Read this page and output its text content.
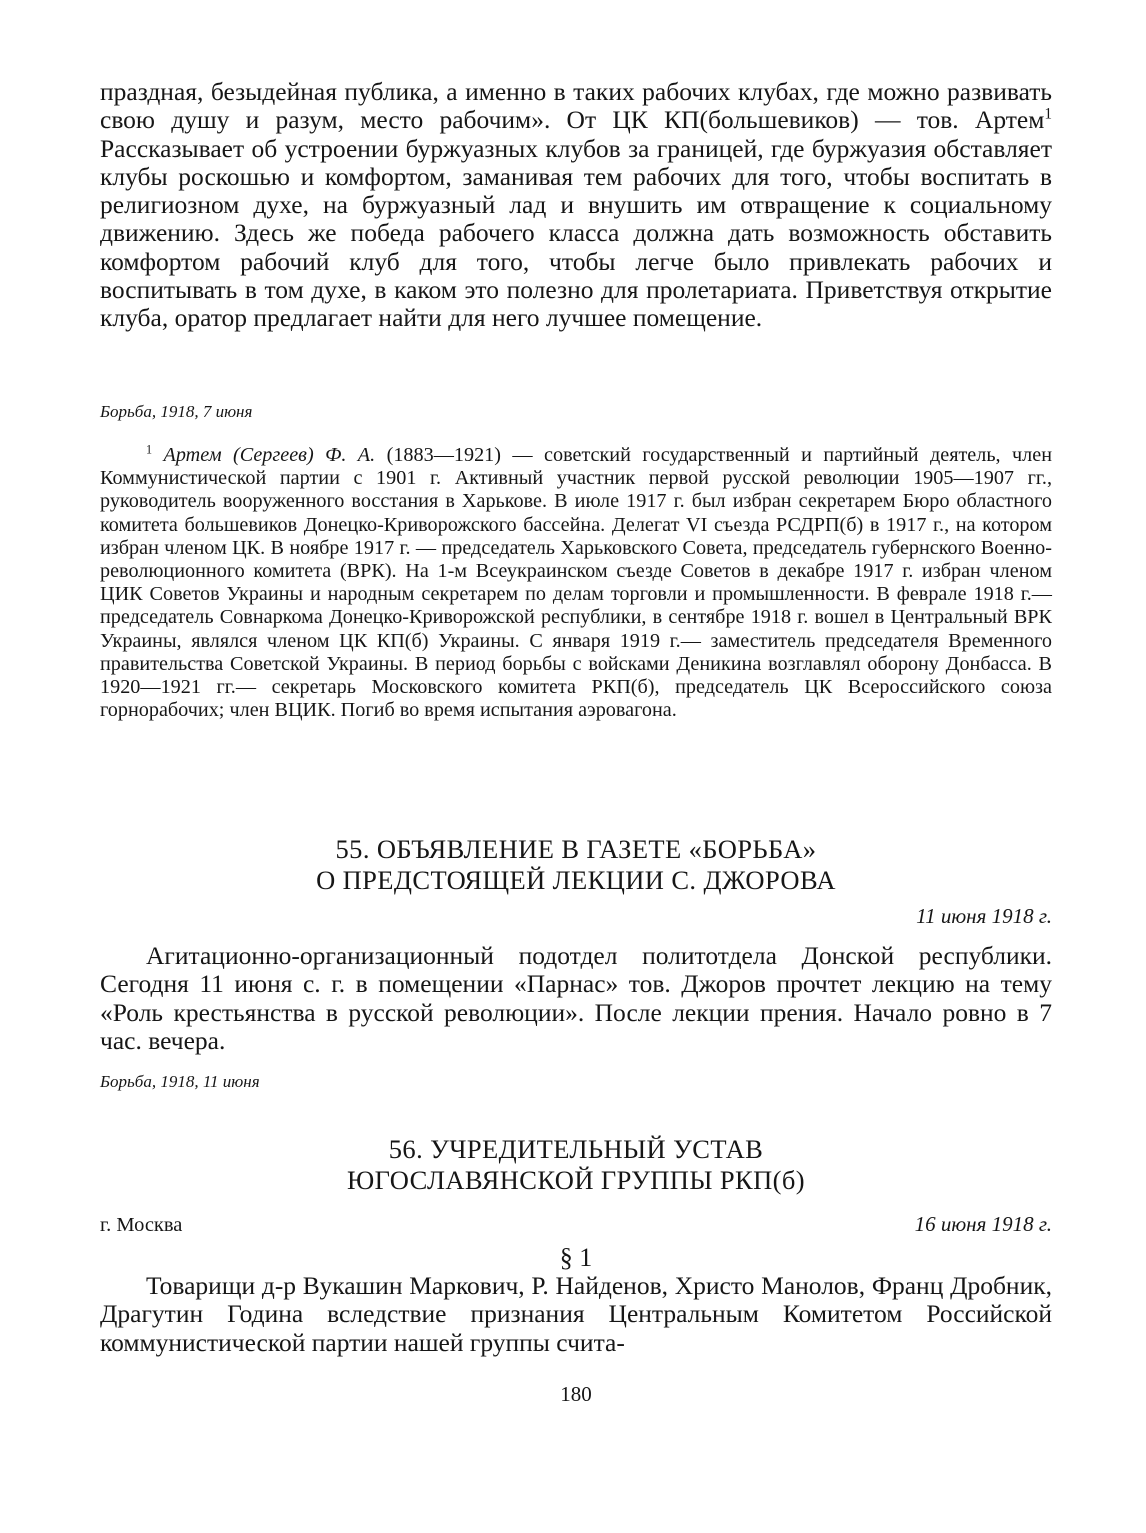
праздная, безыдейная публика, а именно в таких рабочих клубах, где можно развивать свою душу и разум, место рабочим». От ЦК КП(большевиков) — тов. Артем$^1$ Рассказывает об устроении буржуазных клубов за границей, где буржуазия обставляет клубы роскошью и комфортом, заманивая тем рабочих для того, чтобы воспитать в религиозном духе, на буржуазный лад и внушить им отвращение к социальному движению. Здесь же победа рабочего класса должна дать возможность обставить комфортом рабочий клуб для того, чтобы легче было привлекать рабочих и воспитывать в том духе, в каком это полезно для пролетариата. Приветствуя открытие клуба, оратор предлагает найти для него лучшее помещение.

Борьба, 1918, 7 июня

$^1$ Артем (Сергеев) Ф. А. (1883—1921) — советский государственный и партийный деятель, член Коммунистической партии с 1901 г. Активный участник первой русской революции 1905—1907 гг., руководитель вооруженного восстания в Харькове. В июле 1917 г. был избран секретарем Бюро областного комитета большевиков Донецко-Криворожского бассейна. Делегат VI съезда РСДРП(б) в 1917 г., на котором избран членом ЦК. В ноябре 1917 г. — председатель Харьковского Совета, председатель губернского Военно-революционного комитета (ВРК). На 1-м Всеукраинском съезде Советов в декабре 1917 г. избран членом ЦИК Советов Украины и народным секретарем по делам торговли и промышленности. В феврале 1918 г.— председатель Совнаркома Донецко-Криворожской республики, в сентябре 1918 г. вошел в Центральный ВРК Украины, являлся членом ЦК КП(б) Украины. С января 1919 г.— заместитель председателя Временного правительства Советской Украины. В период борьбы с войсками Деникина возглавлял оборону Донбасса. В 1920—1921 гг.— секретарь Московского комитета РКП(б), председатель ЦК Всероссийского союза горнорабочих; член ВЦИК. Погиб во время испытания аэровагона.

55. ОБЪЯВЛЕНИЕ В ГАЗЕТЕ «БОРЬБА»

О ПРЕДСТОЯЩЕЙ ЛЕКЦИИ С. ДЖОРОВА

11 июня 1918 г.

Агитационно-организационный подотдел политотдела Донской республики. Сегодня 11 июня с. г. в помещении «Парнас» тов. Джоров прочтет лекцию на тему «Роль крестьянства в русской революции». После лекции прения. Начало ровно в 7 час. вечера.

Борьба, 1918, 11 июня

56. УЧРЕДИТЕЛЬНЫЙ УСТАВ

ЮГОСЛАВЯНСКОЙ ГРУППЫ РКП(б)

г. Москва	16 июня 1918 г.

§ 1

Товарищи д-р Вукашин Маркович, Р. Найденов, Христо Манолов, Франц Дробник, Драгутин Година вследствие признания Центральным Комитетом Российской коммунистической партии нашей группы счита-

180
